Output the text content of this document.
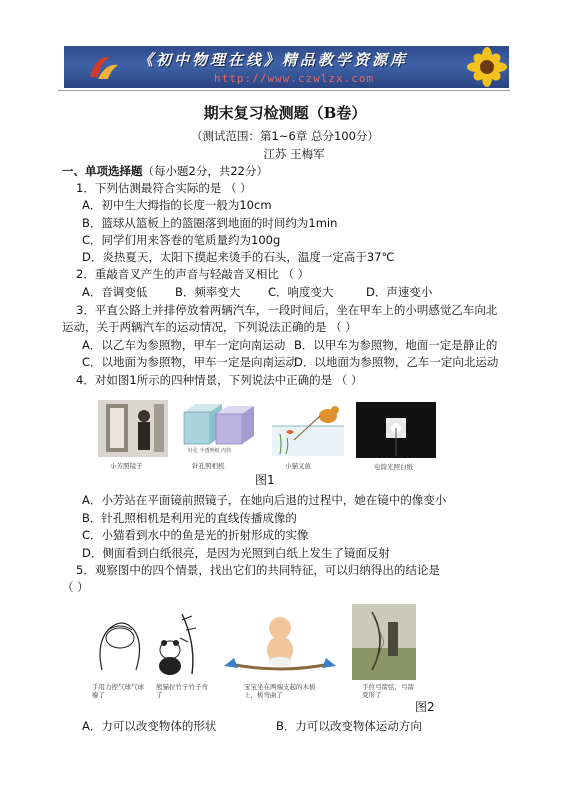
《初中物理在线》精品教学资源库
http://www.czwlzx.com
期末复习检测题（B卷）
（测试范围：第1~6章 总分100分）
江苏 王梅军
一、单项选择题（每小题2分，共22分）
1．下列估测最符合实际的是 （ ）
A．初中生大拇指的长度一般为10cm
B．篮球从篮板上的篮圈落到地面的时间约为1min
C．同学们用来答卷的笔质量约为100g
D．炎热夏天，太阳下摸起来烫手的石头，温度一定高于37℃
2．重敲音叉产生的声音与轻敲音叉相比 （ ）
A．音调变低 B．频率变大 C．响度变大	D．声速变小
3．平直公路上并排停放着两辆汽车，一段时间后，坐在甲车上的小明感觉乙车向北
运动，关于两辆汽车的运动情况，下列说法正确的是 （ ）
A．以乙车为参照物，甲车一定向南运动 B．以甲车为参照物，地面一定是静止的
C．以地面为参照物，甲车一定是向南运动
D．以地面为参照物，乙车一定向北运动
4．对如图1所示的四种情景，下列说法中正确的是 （ ）
针孔 半透明纸 内筒
小芳照镜子	针孔照相机	小猫叉鱼	电筒光照白纸
图1
A．小芳站在平面镜前照镜子，在她向后退的过程中，她在镜中的像变小
B．针孔照相机是利用光的直线传播成像的
C．小猫看到水中的鱼是光的折射形成的实像
D．侧面看到白纸很亮，是因为光照到白纸上发生了镜面反射
5．观察图中的四个情景，找出它们的共同特征，可以归纳得出的结论是
（ ）
手用力捏气球气球瘪了
熊猫拉竹子竹子弯了
宝宝坐在两端支起的木板上，板弯曲了
手拉弓箭弦，弓箭变形了
图2
A．力可以改变物体的形状	B．力可以改变物体运动方向
